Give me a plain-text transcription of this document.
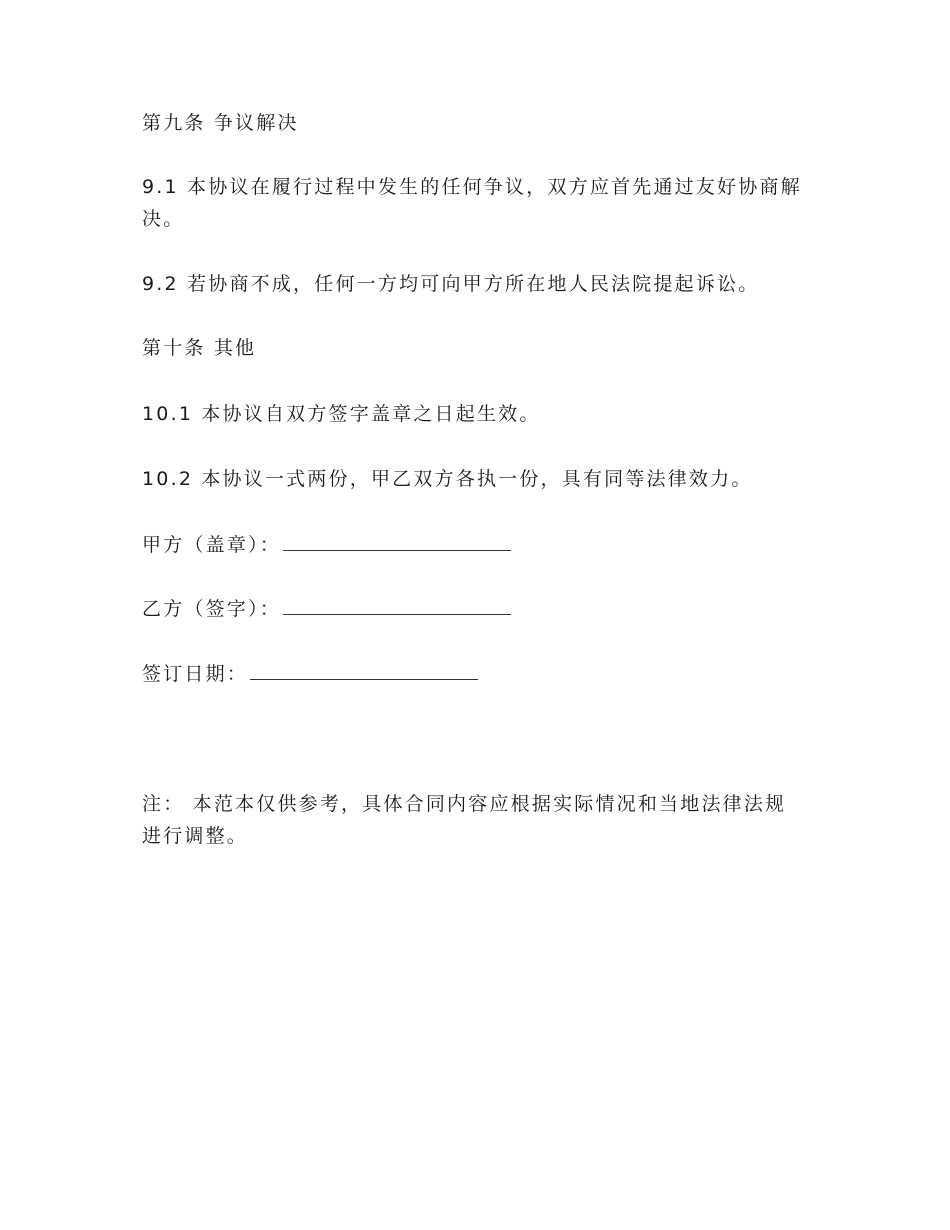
第九条 争议解决
9.1 本协议在履行过程中发生的任何争议，双方应首先通过友好协商解决。
9.2 若协商不成，任何一方均可向甲方所在地人民法院提起诉讼。
第十条 其他
10.1 本协议自双方签字盖章之日起生效。
10.2 本协议一式两份，甲乙双方各执一份，具有同等法律效力。
甲方（盖章）：
乙方（签字）：
签订日期：
注： 本范本仅供参考，具体合同内容应根据实际情况和当地法律法规进行调整。
